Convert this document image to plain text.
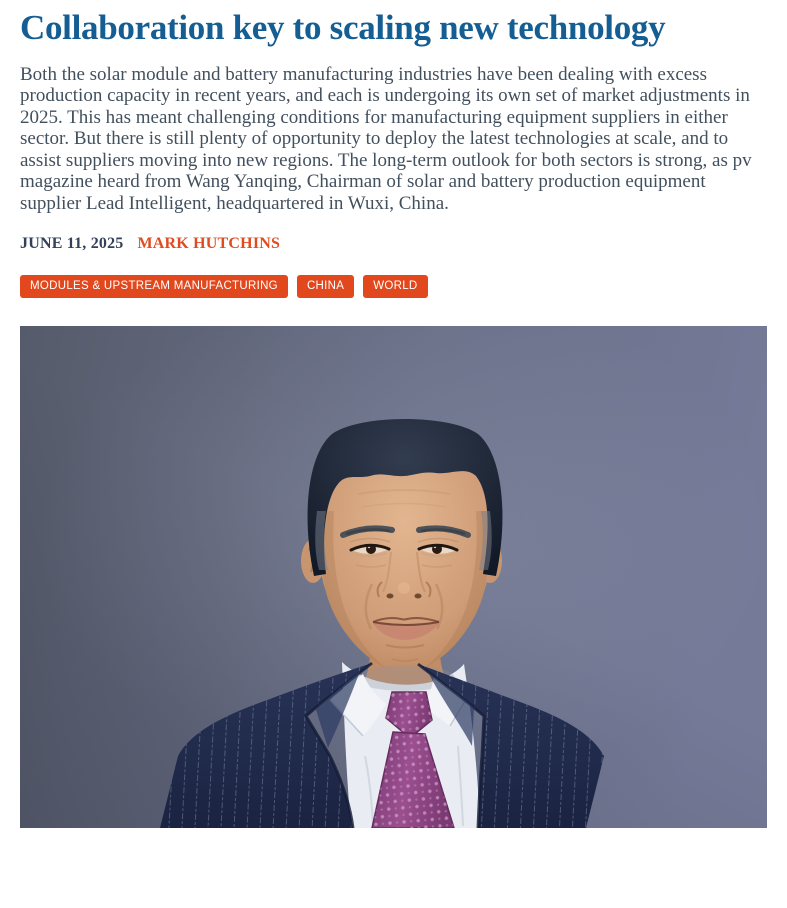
Collaboration key to scaling new technology

Both the solar module and battery manufacturing industries have been dealing with excess production capacity in recent years, and each is undergoing its own set of market adjustments in 2025. This has meant challenging conditions for manufacturing equipment suppliers in either sector. But there is still plenty of opportunity to deploy the latest technologies at scale, and to assist suppliers moving into new regions. The long-term outlook for both sectors is strong, as pv magazine heard from Wang Yanqing, Chairman of solar and battery production equipment supplier Lead Intelligent, headquartered in Wuxi, China.

JUNE 11, 2025 MARK HUTCHINS
MODULES & UPSTREAM MANUFACTURING	CHINA	WORLD
